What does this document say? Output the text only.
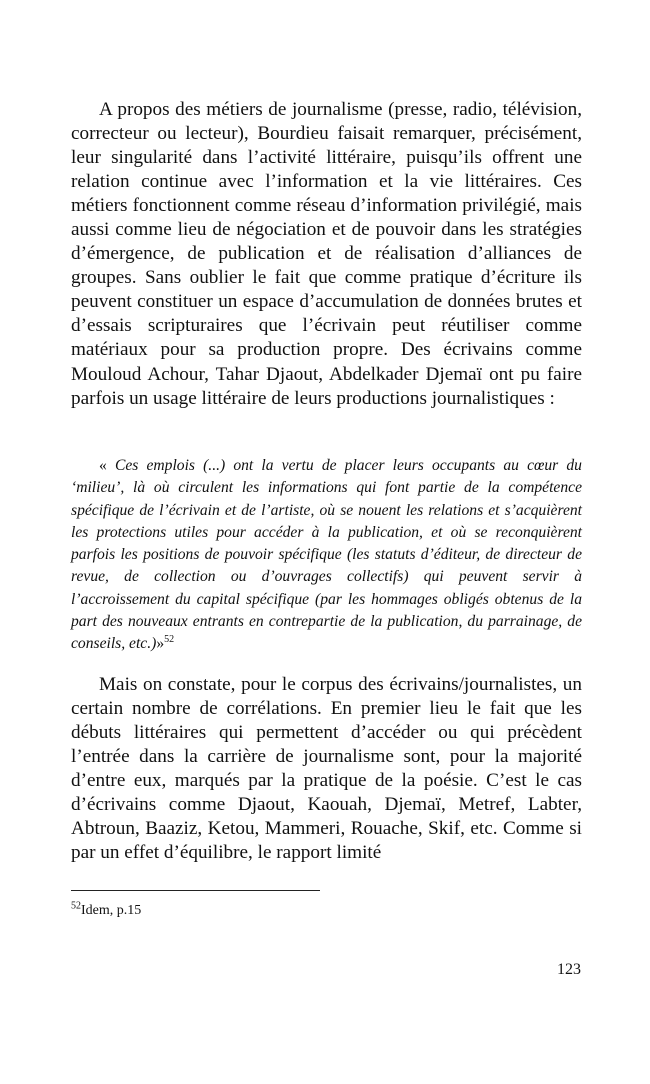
A propos des métiers de journalisme (presse, radio, télévision, correcteur ou lecteur), Bourdieu faisait remarquer, précisément, leur singularité dans l’activité littéraire, puisqu’ils offrent une relation continue avec l’information et la vie littéraires. Ces métiers fonctionnent comme réseau d’information privilégié, mais aussi comme lieu de négociation et de pouvoir dans les stratégies d’émergence, de publication et de réalisation d’alliances de groupes. Sans oublier le fait que comme pratique d’écriture ils peuvent constituer un espace d’accumulation de données brutes et d’essais scripturaires que l’écrivain peut réutiliser comme matériaux pour sa production propre. Des écrivains comme Mouloud Achour, Tahar Djaout, Abdelkader Djemaï ont pu faire parfois un usage littéraire de leurs productions journalistiques :

« Ces emplois (...) ont la vertu de placer leurs occupants au cœur du ‘milieu’, là où circulent les informations qui font partie de la compétence spécifique de l’écrivain et de l’artiste, où se nouent les relations et s’acquièrent les protections utiles pour accéder à la publication, et où se reconquièrent parfois les positions de pouvoir spécifique (les statuts d’éditeur, de directeur de revue, de collection ou d’ouvrages collectifs) qui peuvent servir à l’accroissement du capital spécifique (par les hommages obligés obtenus de la part des nouveaux entrants en contrepartie de la publication, du parrainage, de conseils, etc.)»$^{52}$

Mais on constate, pour le corpus des écrivains/journalistes, un certain nombre de corrélations. En premier lieu le fait que les débuts littéraires qui permettent d’accéder ou qui précèdent l’entrée dans la carrière de journalisme sont, pour la majorité d’entre eux, marqués par la pratique de la poésie. C’est le cas d’écrivains comme Djaout, Kaouah, Djemaï, Metref, Labter, Abtroun, Baaziz, Ketou, Mammeri, Rouache, Skif, etc. Comme si par un effet d’équilibre, le rapport limité

$^{52}$Idem, p.15

123
